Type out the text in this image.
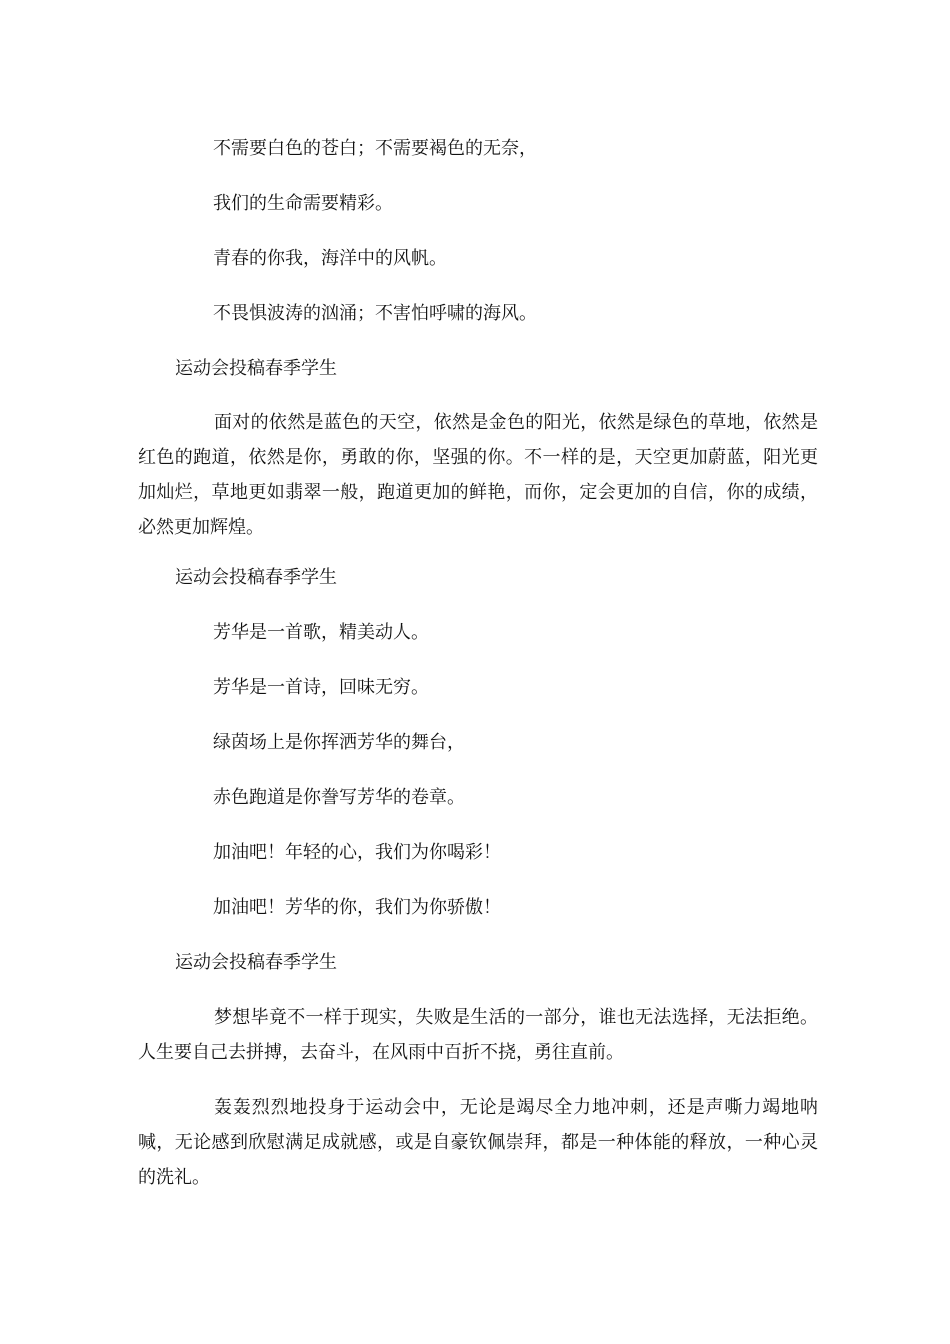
不需要白色的苍白；不需要褐色的无奈，

我们的生命需要精彩。

青春的你我，海洋中的风帆。

不畏惧波涛的汹涌；不害怕呼啸的海风。

运动会投稿春季学生

面对的依然是蓝色的天空，依然是金色的阳光，依然是绿色的草地，依然是红色的跑道，依然是你，勇敢的你，坚强的你。不一样的是，天空更加蔚蓝，阳光更加灿烂，草地更如翡翠一般，跑道更加的鲜艳，而你，定会更加的自信，你的成绩，必然更加辉煌。

运动会投稿春季学生

芳华是一首歌，精美动人。

芳华是一首诗，回味无穷。

绿茵场上是你挥洒芳华的舞台，

赤色跑道是你誊写芳华的卷章。

加油吧！年轻的心，我们为你喝彩！

加油吧！芳华的你，我们为你骄傲！

运动会投稿春季学生

梦想毕竟不一样于现实，失败是生活的一部分，谁也无法选择，无法拒绝。人生要自己去拼搏，去奋斗，在风雨中百折不挠，勇往直前。

轰轰烈烈地投身于运动会中，无论是竭尽全力地冲刺，还是声嘶力竭地呐喊，无论感到欣慰满足成就感，或是自豪钦佩崇拜，都是一种体能的释放，一种心灵的洗礼。
